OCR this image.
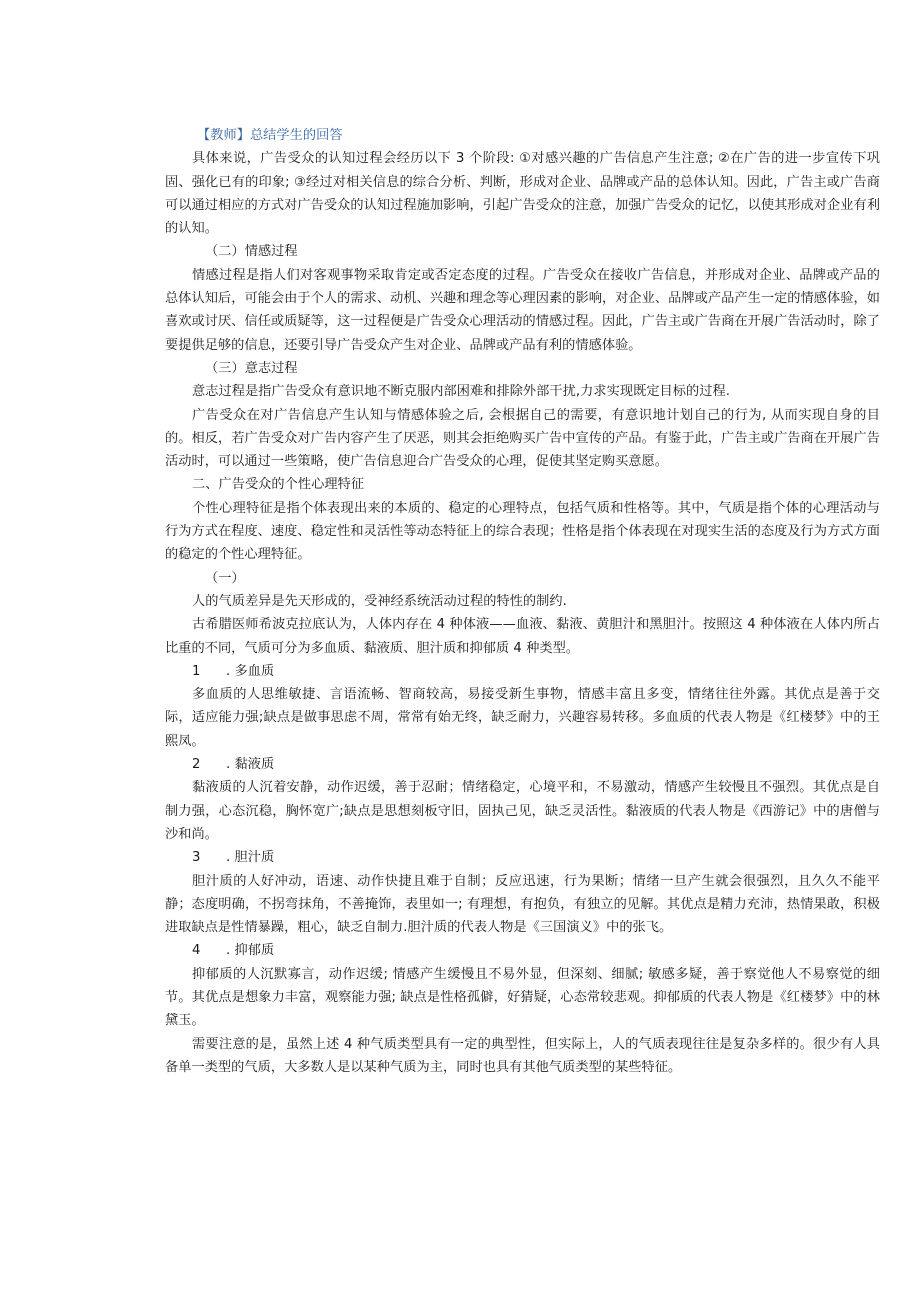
【教师】总结学生的回答

具体来说，广告受众的认知过程会经历以下 3 个阶段: ①对感兴趣的广告信息产生注意; ②在广告的进一步宣传下巩固、强化已有的印象; ③经过对相关信息的综合分析、判断，形成对企业、品牌或产品的总体认知。因此，广告主或广告商可以通过相应的方式对广告受众的认知过程施加影响，引起广告受众的注意，加强广告受众的记忆，以使其形成对企业有利的认知。

（二）情感过程

情感过程是指人们对客观事物采取肯定或否定态度的过程。广告受众在接收广告信息，并形成对企业、品牌或产品的总体认知后，可能会由于个人的需求、动机、兴趣和理念等心理因素的影响，对企业、品牌或产品产生一定的情感体验，如喜欢或讨厌、信任或质疑等，这一过程便是广告受众心理活动的情感过程。因此，广告主或广告商在开展广告活动时，除了要提供足够的信息，还要引导广告受众产生对企业、品牌或产品有利的情感体验。

（三）意志过程

意志过程是指广告受众有意识地不断克服内部困难和排除外部干扰,力求实现既定目标的过程.

广告受众在对广告信息产生认知与情感体验之后, 会根据自己的需要，有意识地计划自己的行为, 从而实现自身的目的。相反，若广告受众对广告内容产生了厌恶，则其会拒绝购买广告中宣传的产品。有鉴于此，广告主或广告商在开展广告活动时，可以通过一些策略，使广告信息迎合广告受众的心理，促使其坚定购买意愿。

二、广告受众的个性心理特征

个性心理特征是指个体表现出来的本质的、稳定的心理特点，包括气质和性格等。其中，气质是指个体的心理活动与行为方式在程度、速度、稳定性和灵活性等动态特征上的综合表现；性格是指个体表现在对现实生活的态度及行为方式方面的稳定的个性心理特征。

（一）

人的气质差异是先天形成的，受神经系统活动过程的特性的制约.

古希腊医师希波克拉底认为，人体内存在 4 种体液——血液、黏液、黄胆汁和黑胆汁。按照这 4 种体液在人体内所占比重的不同，气质可分为多血质、黏液质、胆汁质和抑郁质 4 种类型。

1 . 多血质

多血质的人思维敏捷、言语流畅、智商较高，易接受新生事物，情感丰富且多变，情绪往往外露。其优点是善于交际，适应能力强;缺点是做事思虑不周，常常有始无终，缺乏耐力，兴趣容易转移。多血质的代表人物是《红楼梦》中的王熙凤。

2 . 黏液质

黏液质的人沉着安静，动作迟缓，善于忍耐；情绪稳定，心境平和，不易激动，情感产生较慢且不强烈。其优点是自制力强，心态沉稳，胸怀宽广;缺点是思想刻板守旧，固执己见，缺乏灵活性。黏液质的代表人物是《西游记》中的唐僧与沙和尚。

3 . 胆汁质

胆汁质的人好冲动，语速、动作快捷且难于自制；反应迅速，行为果断；情绪一旦产生就会很强烈，且久久不能平静；态度明确，不拐弯抹角，不善掩饰，表里如一; 有理想，有抱负，有独立的见解。其优点是精力充沛，热情果敢，积极进取缺点是性情暴躁，粗心，缺乏自制力.胆汁质的代表人物是《三国演义》中的张飞。

4 . 抑郁质

抑郁质的人沉默寡言，动作迟缓; 情感产生缓慢且不易外显，但深刻、细腻; 敏感多疑，善于察觉他人不易察觉的细节。其优点是想象力丰富，观察能力强; 缺点是性格孤僻，好猜疑，心态常较悲观。抑郁质的代表人物是《红楼梦》中的林黛玉。

需要注意的是，虽然上述 4 种气质类型具有一定的典型性，但实际上，人的气质表现往往是复杂多样的。很少有人具备单一类型的气质，大多数人是以某种气质为主，同时也具有其他气质类型的某些特征。
